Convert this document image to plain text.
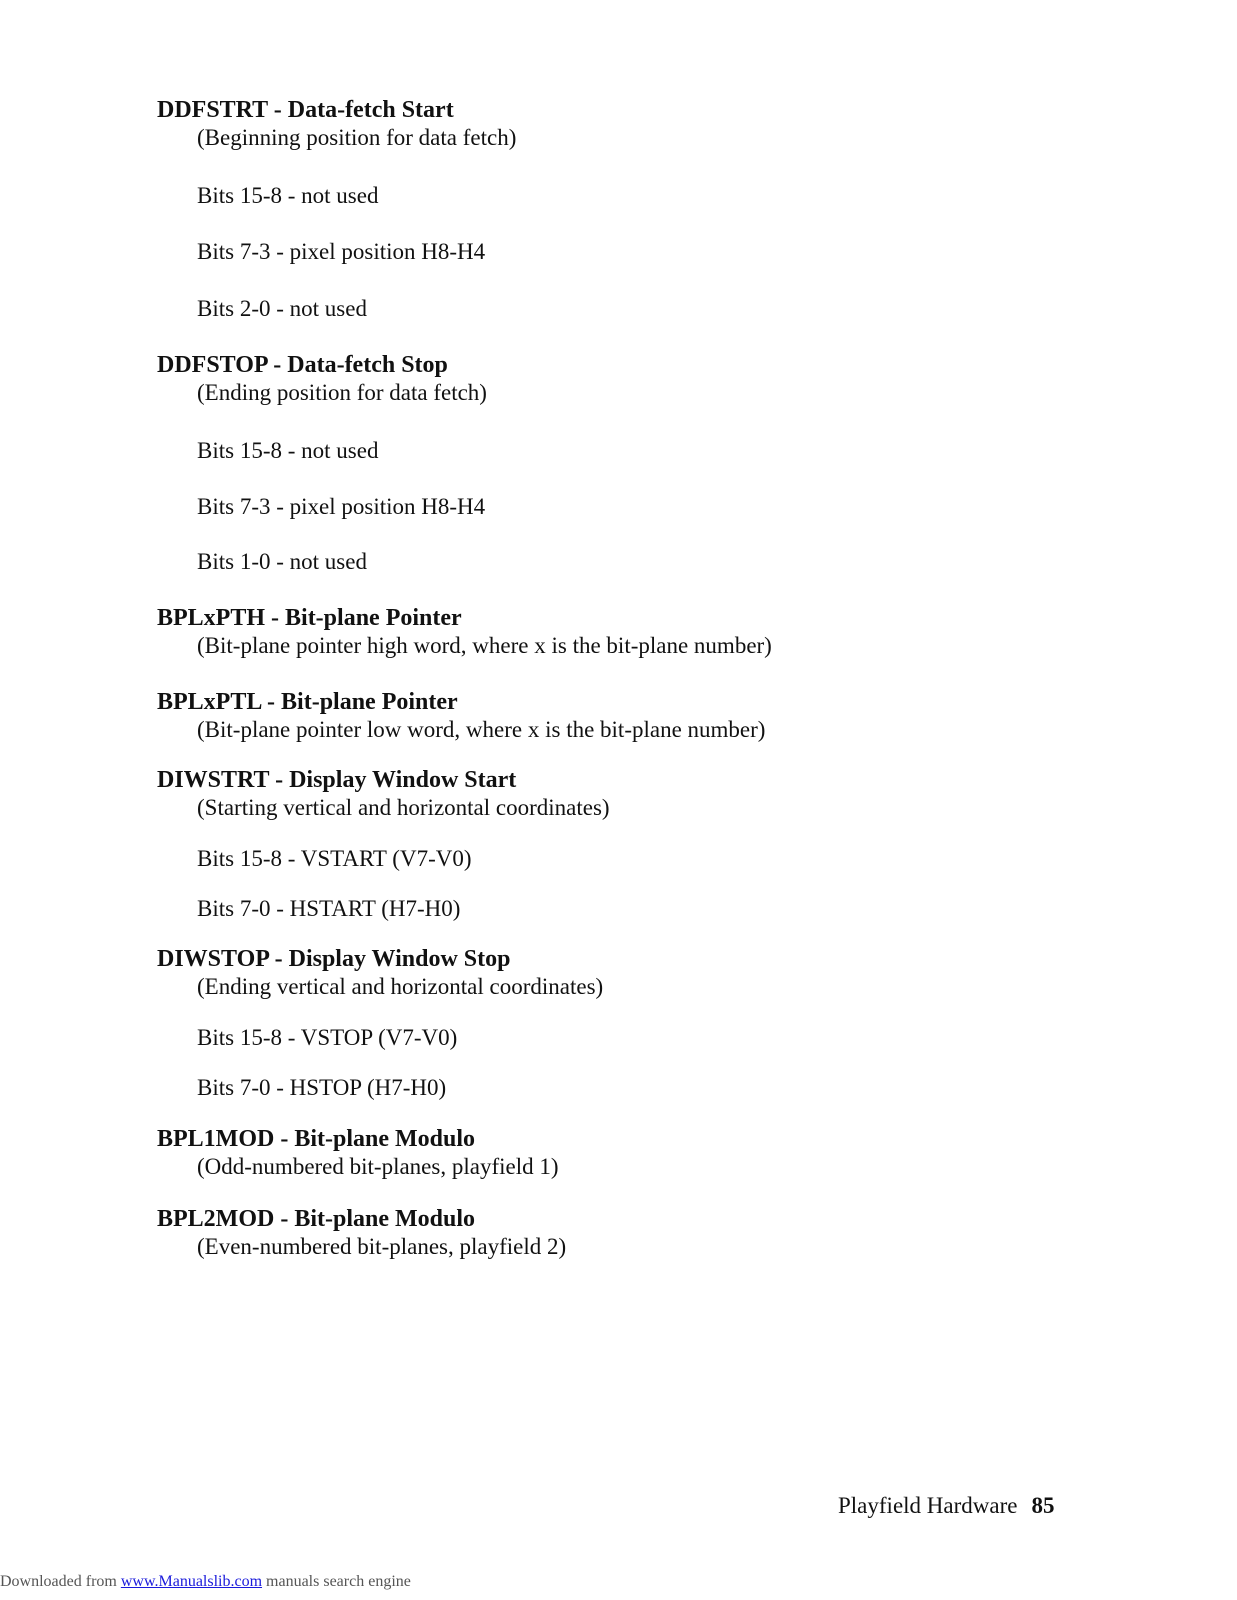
DDFSTRT - Data-fetch Start
(Beginning position for data fetch)
Bits 15-8 - not used
Bits 7-3 - pixel position H8-H4
Bits 2-0 - not used
DDFSTOP - Data-fetch Stop
(Ending position for data fetch)
Bits 15-8 - not used
Bits 7-3 - pixel position H8-H4
Bits 1-0 - not used
BPLxPTH - Bit-plane Pointer
(Bit-plane pointer high word, where x is the bit-plane number)
BPLxPTL - Bit-plane Pointer
(Bit-plane pointer low word, where x is the bit-plane number)
DIWSTRT - Display Window Start
(Starting vertical and horizontal coordinates)
Bits 15-8 - VSTART (V7-V0)
Bits 7-0 - HSTART (H7-H0)
DIWSTOP - Display Window Stop
(Ending vertical and horizontal coordinates)
Bits 15-8 - VSTOP (V7-V0)
Bits 7-0 - HSTOP (H7-H0)
BPL1MOD - Bit-plane Modulo
(Odd-numbered bit-planes, playfield 1)
BPL2MOD - Bit-plane Modulo
(Even-numbered bit-planes, playfield 2)
Playfield Hardware 85
Downloaded from www.Manualslib.com manuals search engine
